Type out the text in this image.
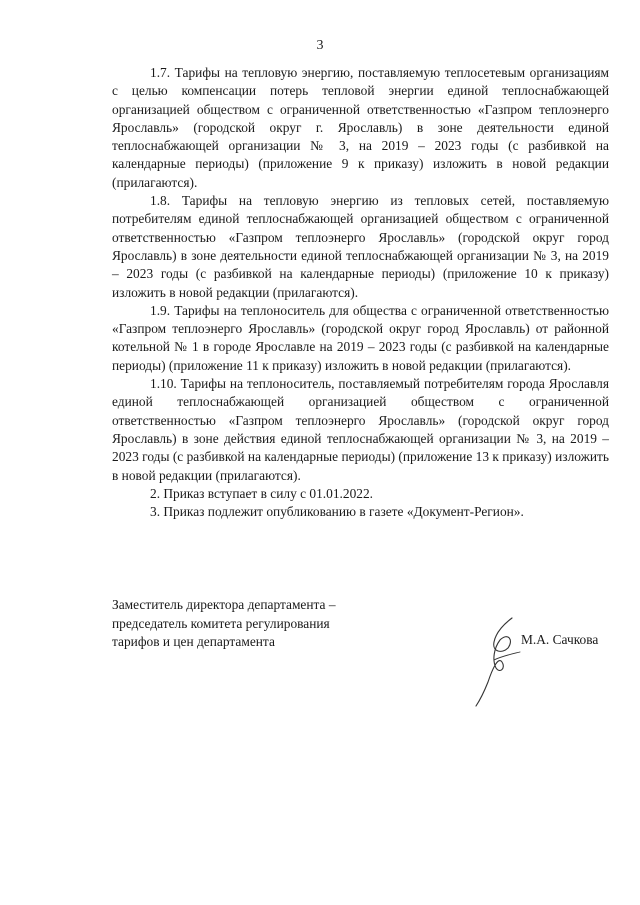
3

1.7. Тарифы на тепловую энергию, поставляемую теплосетевым организациям с целью компенсации потерь тепловой энергии единой теплоснабжающей организацией обществом с ограниченной ответственностью «Газпром теплоэнерго Ярославль» (городской округ г. Ярославль) в зоне деятельности единой теплоснабжающей организации № 3, на 2019 – 2023 годы (с разбивкой на календарные периоды) (приложение 9 к приказу) изложить в новой редакции (прилагаются).

1.8. Тарифы на тепловую энергию из тепловых сетей, поставляемую потребителям единой теплоснабжающей организацией обществом с ограниченной ответственностью «Газпром теплоэнерго Ярославль» (городской округ город Ярославль) в зоне деятельности единой теплоснабжающей организации № 3, на 2019 – 2023 годы (с разбивкой на календарные периоды) (приложение 10 к приказу) изложить в новой редакции (прилагаются).

1.9. Тарифы на теплоноситель для общества с ограниченной ответственностью «Газпром теплоэнерго Ярославль» (городской округ город Ярославль) от районной котельной № 1 в городе Ярославле на 2019 – 2023 годы (с разбивкой на календарные периоды) (приложение 11 к приказу) изложить в новой редакции (прилагаются).

1.10. Тарифы на теплоноситель, поставляемый потребителям города Ярославля единой теплоснабжающей организацией обществом с ограниченной ответственностью «Газпром теплоэнерго Ярославль» (городской округ город Ярославль) в зоне действия единой теплоснабжающей организации № 3, на 2019 – 2023 годы (с разбивкой на календарные периоды) (приложение 13 к приказу) изложить в новой редакции (прилагаются).

2. Приказ вступает в силу с 01.01.2022.

3. Приказ подлежит опубликованию в газете «Документ-Регион».

Заместитель директора департамента –
председатель комитета регулирования
тарифов и цен департамента	М.А. Сачкова
